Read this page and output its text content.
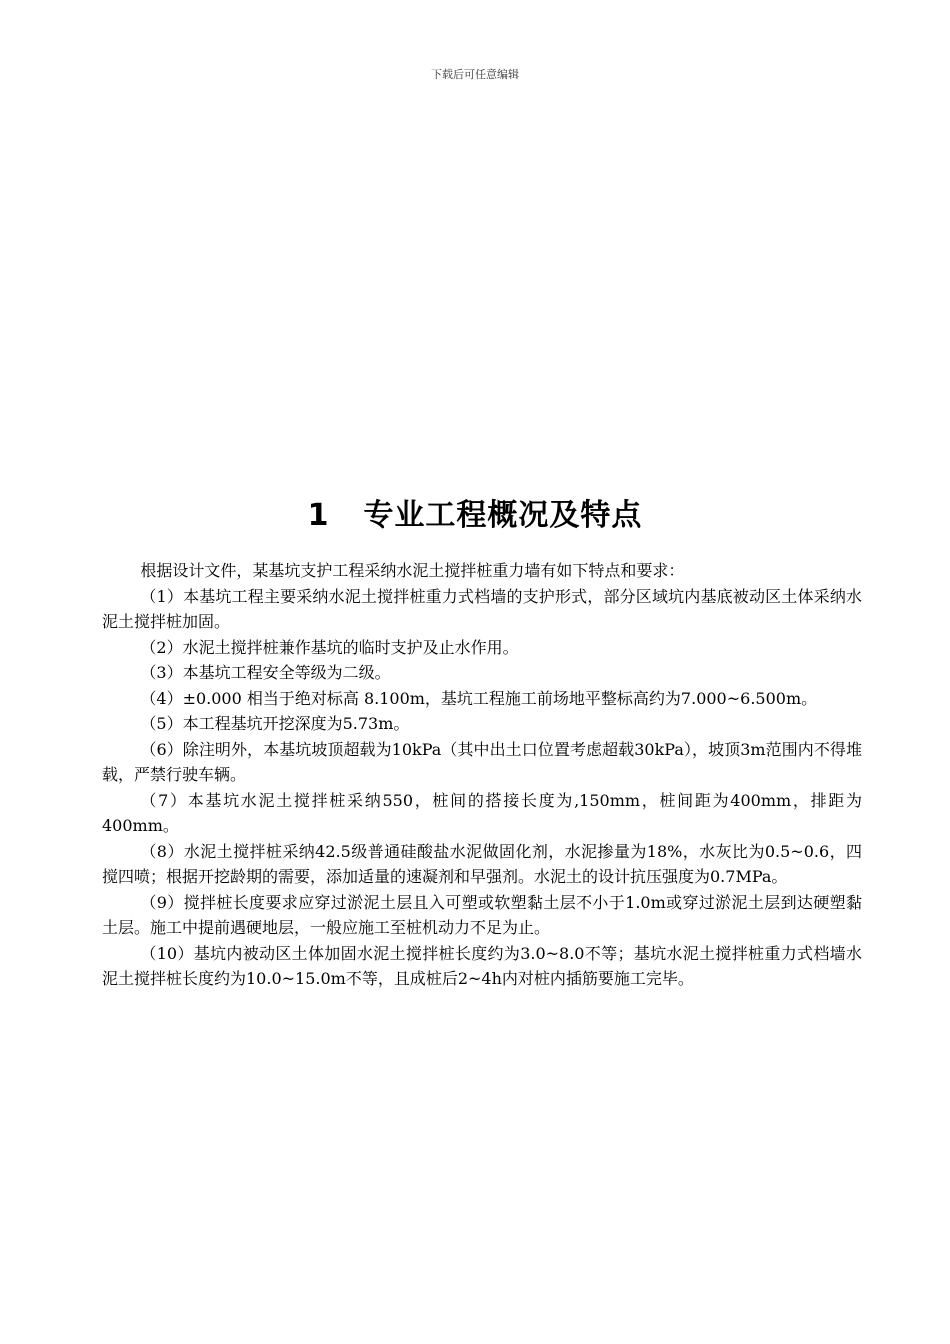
下载后可任意编辑
1 专业工程概况及特点

根据设计文件，某基坑支护工程采纳水泥土搅拌桩重力墙有如下特点和要求：

（1）本基坑工程主要采纳水泥土搅拌桩重力式档墙的支护形式，部分区域坑内基底被动区土体采纳水泥土搅拌桩加固。

（2）水泥土搅拌桩兼作基坑的临时支护及止水作用。

（3）本基坑工程安全等级为二级。

（4）±0.000 相当于绝对标高 8.100m，基坑工程施工前场地平整标高约为7.000~6.500m。

（5）本工程基坑开挖深度为5.73m。

（6）除注明外，本基坑坡顶超载为10kPa（其中出土口位置考虑超载30kPa），坡顶3m范围内不得堆载，严禁行驶车辆。

（7）本基坑水泥土搅拌桩采纳550，桩间的搭接长度为,150mm，桩间距为400mm，排距为400mm。

（8）水泥土搅拌桩采纳42.5级普通硅酸盐水泥做固化剂，水泥掺量为18%，水灰比为0.5~0.6，四搅四喷；根据开挖龄期的需要，添加适量的速凝剂和早强剂。水泥土的设计抗压强度为0.7MPa。

（9）搅拌桩长度要求应穿过淤泥土层且入可塑或软塑黏土层不小于1.0m或穿过淤泥土层到达硬塑黏土层。施工中提前遇硬地层，一般应施工至桩机动力不足为止。

（10）基坑内被动区土体加固水泥土搅拌桩长度约为3.0~8.0不等；基坑水泥土搅拌桩重力式档墙水泥土搅拌桩长度约为10.0~15.0m不等，且成桩后2~4h内对桩内插筋要施工完毕。
